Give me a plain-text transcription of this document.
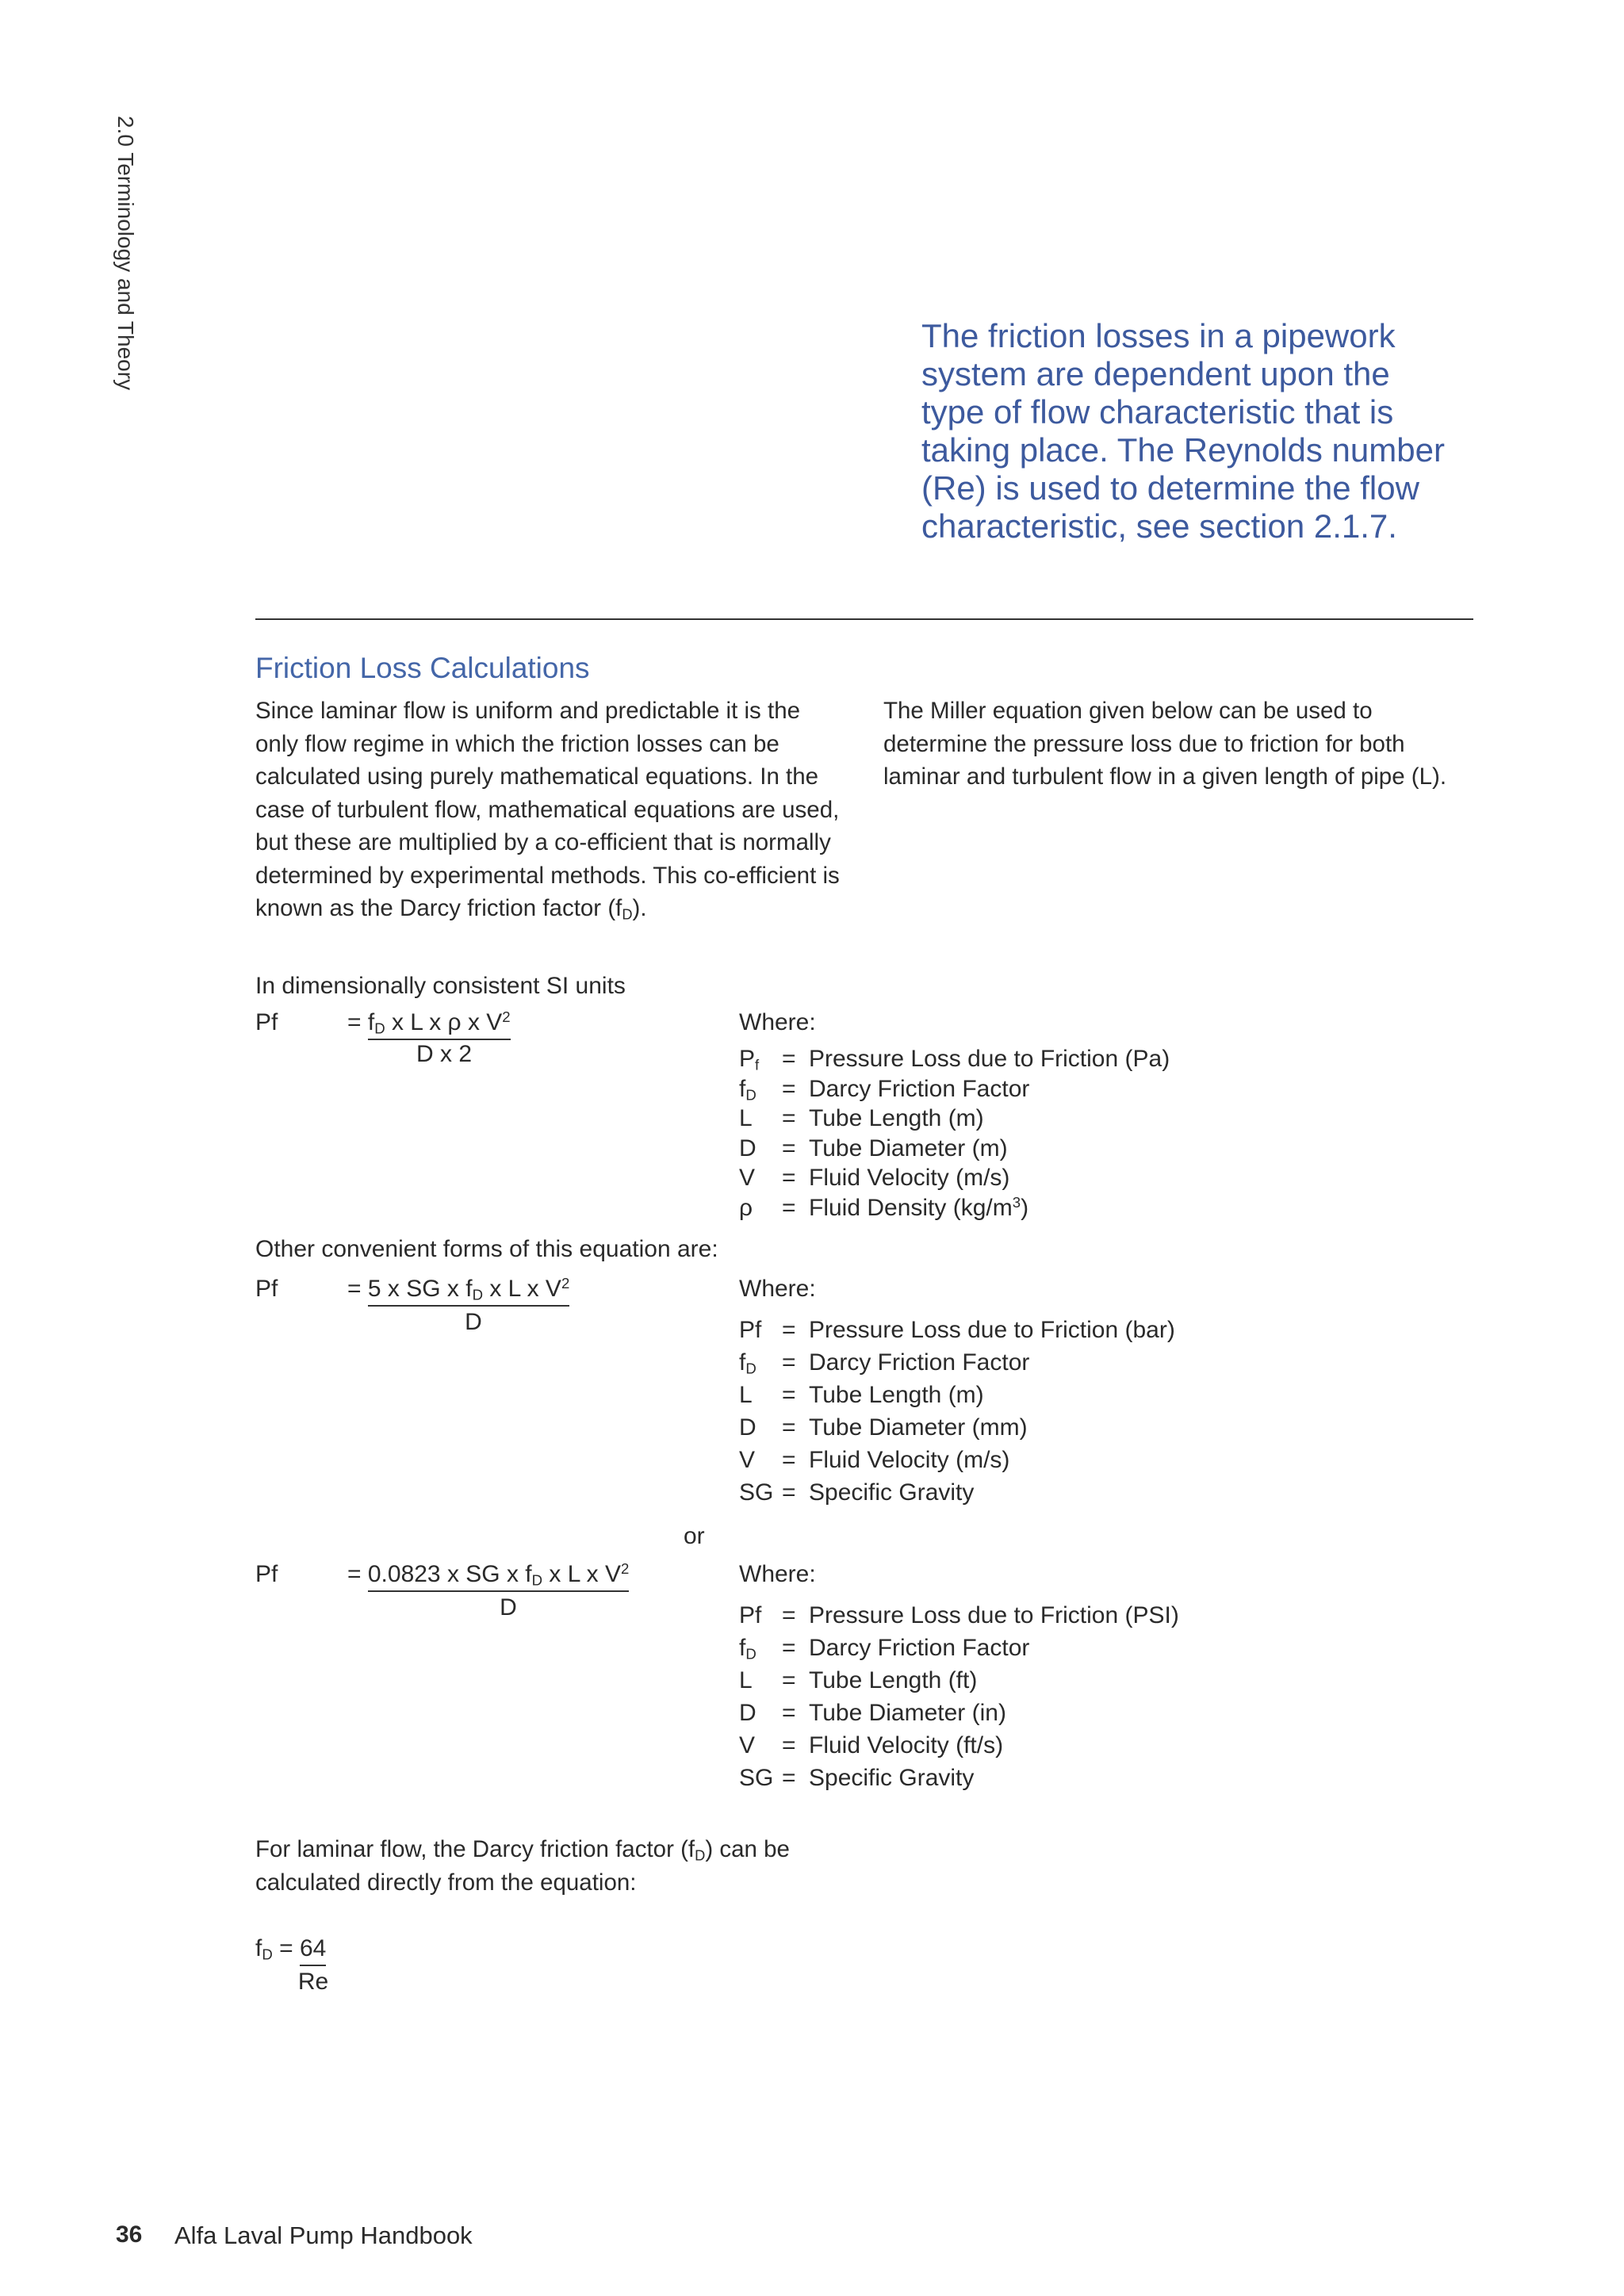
2.0 Terminology and Theory	The friction losses in a pipework system are dependent upon the type of flow characteristic that is taking place. The Reynolds number (Re) is used to determine the flow characteristic, see section 2.1.7.
Friction Loss Calculations
Since laminar flow is uniform and predictable it is the only flow regime in which the friction losses can be calculated using purely mathematical equations. In the case of turbulent flow, mathematical equations are used, but these are multiplied by a co-efficient that is normally determined by experimental methods. This co-efficient is known as the Darcy friction factor $(f_D)$.
The Miller equation given below can be used to determine the pressure loss due to friction for both laminar and turbulent flow in a given length of pipe (L).
In dimensionally consistent SI units
Pf	= $f_D$ x L x ρ x $V^2$
D x 2
Where:
$P_f$ = Pressure Loss due to Friction (Pa)
$f_D$ = Darcy Friction Factor
L = Tube Length (m)
D = Tube Diameter (m)
V = Fluid Velocity (m/s)
ρ = Fluid Density $(kg/m^3)$
Other convenient forms of this equation are:
Pf	= 5 x SG x $f_D$ x L x $V^2$
D
Where:
Pf = Pressure Loss due to Friction (bar)
$f_D$ = Darcy Friction Factor
L = Tube Length (m)
D = Tube Diameter (mm)
V = Fluid Velocity (m/s)
SG = Specific Gravity
or
Pf	= 0.0823 x SG x $f_D$ x L x $V^2$
D
Where:
Pf = Pressure Loss due to Friction (PSI)
$f_D$ = Darcy Friction Factor
L = Tube Length (ft)
D = Tube Diameter (in)
V = Fluid Velocity (ft/s)
SG = Specific Gravity
For laminar flow, the Darcy friction factor $(f_D)$ can be
calculated directly from the equation:
$f_D = 64$
Re
36 Alfa Laval Pump Handbook
